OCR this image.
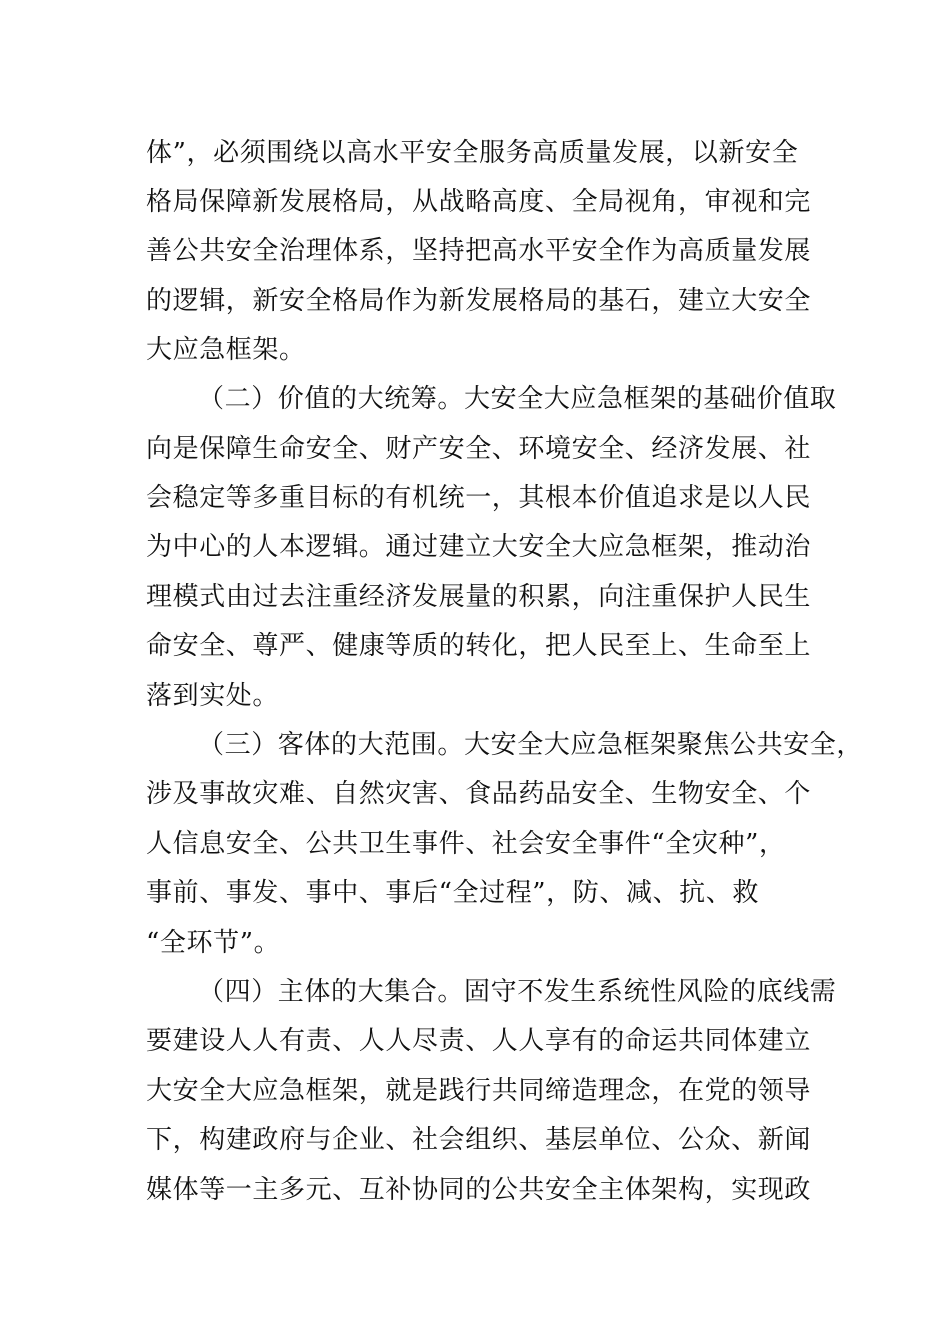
体”，必须围绕以高水平安全服务高质量发展，以新安全
格局保障新发展格局，从战略高度、全局视角，审视和完
善公共安全治理体系，坚持把高水平安全作为高质量发展
的逻辑，新安全格局作为新发展格局的基石，建立大安全
大应急框架。
（二）价值的大统筹。大安全大应急框架的基础价值取
向是保障生命安全、财产安全、环境安全、经济发展、社
会稳定等多重目标的有机统一，其根本价值追求是以人民
为中心的人本逻辑。通过建立大安全大应急框架，推动治
理模式由过去注重经济发展量的积累，向注重保护人民生
命安全、尊严、健康等质的转化，把人民至上、生命至上
落到实处。
（三）客体的大范围。大安全大应急框架聚焦公共安全，
涉及事故灾难、自然灾害、食品药品安全、生物安全、个
人信息安全、公共卫生事件、社会安全事件“全灾种”，
事前、事发、事中、事后“全过程”，防、减、抗、救
“全环节”。
（四）主体的大集合。固守不发生系统性风险的底线需
要建设人人有责、人人尽责、人人享有的命运共同体建立
大安全大应急框架，就是践行共同缔造理念，在党的领导
下，构建政府与企业、社会组织、基层单位、公众、新闻
媒体等一主多元、互补协同的公共安全主体架构，实现政
